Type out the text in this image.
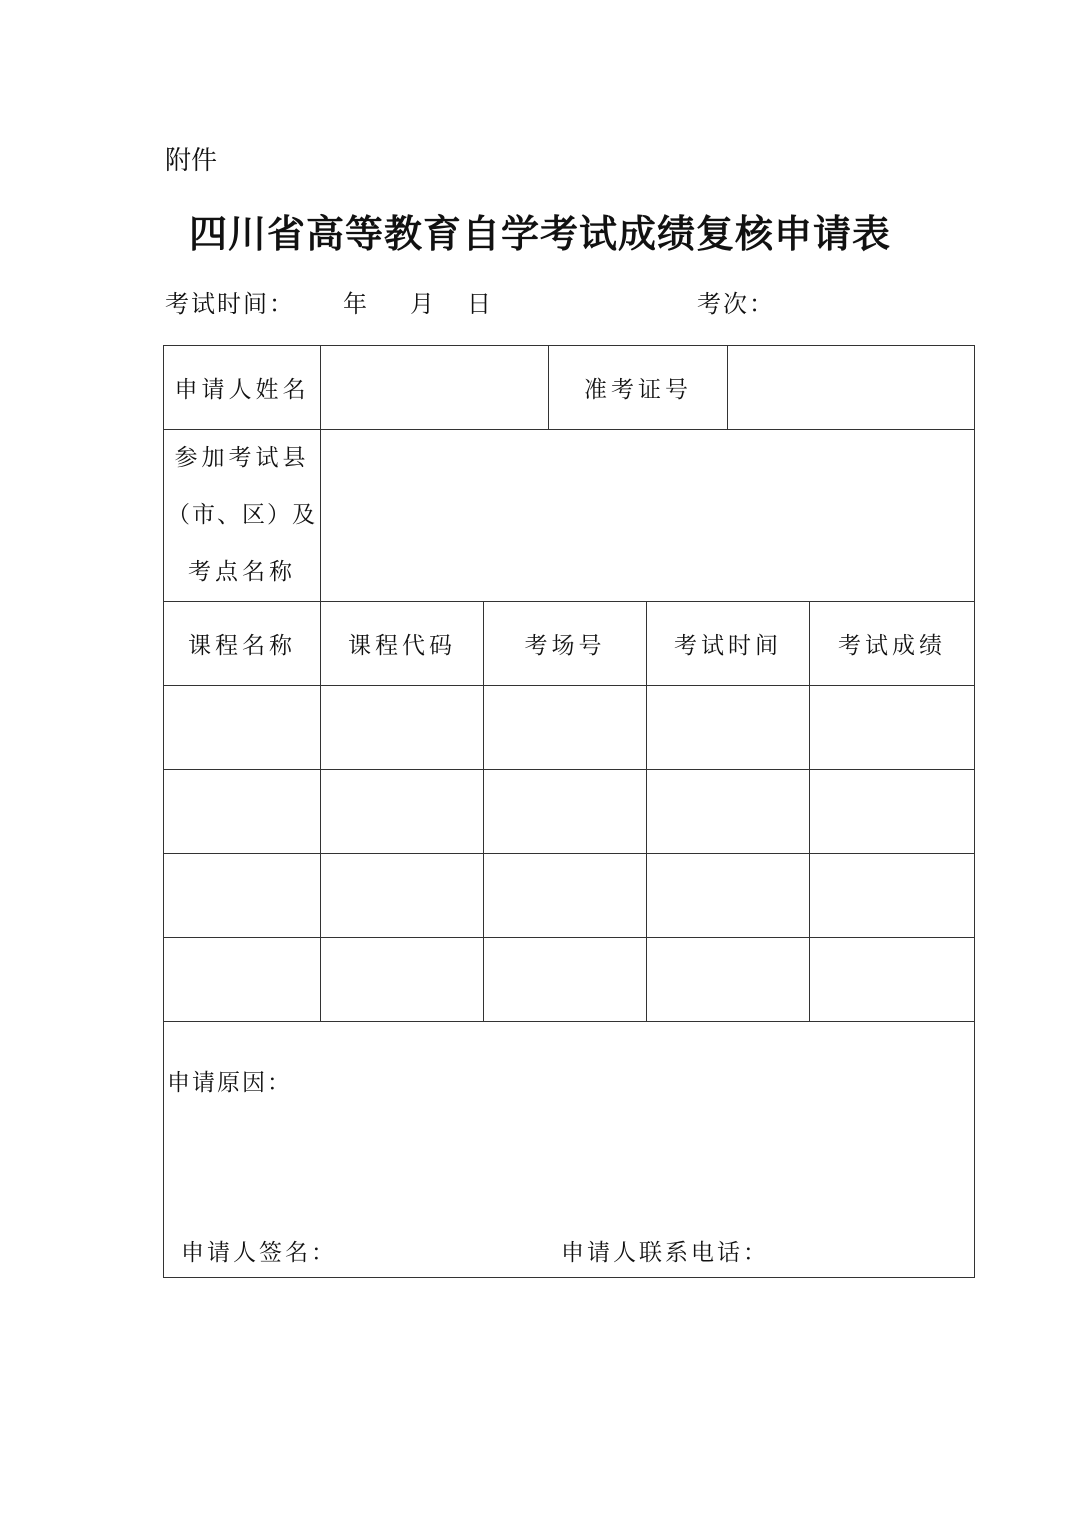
附件
四川省高等教育自学考试成绩复核申请表
考试时间： 年 月 日	考次：
申请人姓名			准考证号			

参加考试县
（市、区）及
考点名称						

课程名称	课程代码	考场号		考试时间		考试成绩

申请原因：
申请人签名： 申请人联系电话：						
